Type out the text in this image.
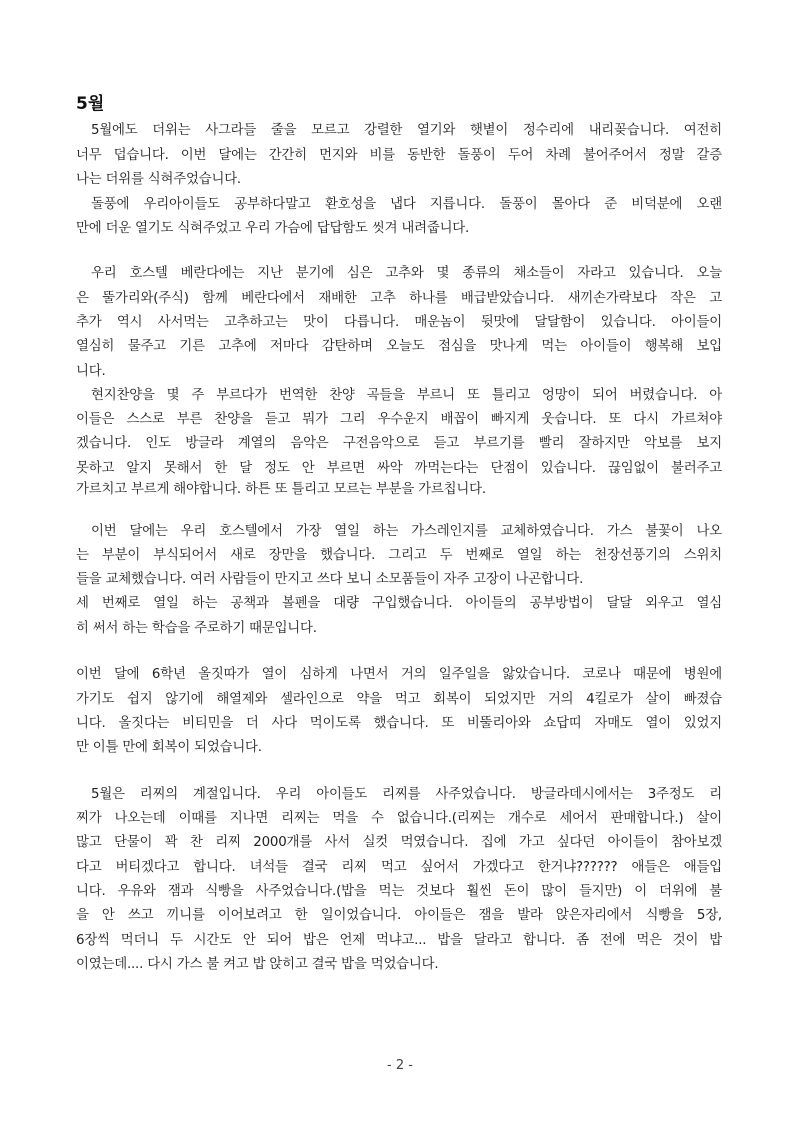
5월
5월에도 더위는 사그라들 줄을 모르고 강렬한 열기와 햇볕이 정수리에 내리꽂습니다. 여전히
너무 덥습니다. 이번 달에는 간간히 먼지와 비를 동반한 돌풍이 두어 차례 불어주어서 정말 갈증
나는 더위를 식혀주었습니다.
돌풍에 우리아이들도 공부하다말고 환호성을 냅다 지릅니다. 돌풍이 몰아다 준 비덕분에 오랜
만에 더운 열기도 식혀주었고 우리 가슴에 답답함도 씻겨 내려줍니다.
우리 호스텔 베란다에는 지난 분기에 심은 고추와 몇 종류의 채소들이 자라고 있습니다. 오늘
은 뚤가리와(주식) 함께 베란다에서 재배한 고추 하나를 배급받았습니다. 새끼손가락보다 작은 고
추가 역시 사서먹는 고추하고는 맛이 다릅니다. 매운놈이 뒷맛에 달달함이 있습니다. 아이들이
열심히 물주고 기른 고추에 저마다 감탄하며 오늘도 점심을 맛나게 먹는 아이들이 행복해 보입
니다.
현지찬양을 몇 주 부르다가 번역한 찬양 곡들을 부르니 또 틀리고 엉망이 되어 버렸습니다. 아
이들은 스스로 부른 찬양을 듣고 뭐가 그리 우수운지 배꼽이 빠지게 웃습니다. 또 다시 가르쳐야
겠습니다. 인도 방글라 계열의 음악은 구전음악으로 듣고 부르기를 빨리 잘하지만 악보를 보지
못하고 알지 못해서 한 달 정도 안 부르면 싸악 까먹는다는 단점이 있습니다. 끊임없이 불러주고
가르치고 부르게 해야합니다. 하튼 또 틀리고 모르는 부분을 가르칩니다.
이번 달에는 우리 호스텔에서 가장 열일 하는 가스레인지를 교체하였습니다. 가스 불꽃이 나오
는 부분이 부식되어서 새로 장만을 했습니다. 그리고 두 번째로 열일 하는 천장선풍기의 스위치
들을 교체했습니다. 여러 사람들이 만지고 쓰다 보니 소모품들이 자주 고장이 나곤합니다.
세 번째로 열일 하는 공책과 볼펜을 대량 구입했습니다. 아이들의 공부방법이 달달 외우고 열심
히 써서 하는 학습을 주로하기 때문입니다.
이번 달에 6학년 올짓따가 열이 심하게 나면서 거의 일주일을 앓았습니다. 코로나 때문에 병원에
가기도 쉽지 않기에 해열제와 셀라인으로 약을 먹고 회복이 되었지만 거의 4킬로가 살이 빠졌습
니다. 올짓다는 비티민을 더 사다 먹이도록 했습니다. 또 비뚤리아와 쇼답띠 자매도 열이 있었지
만 이틀 만에 회복이 되었습니다.
5월은 리찌의 계절입니다. 우리 아이들도 리찌를 사주었습니다. 방글라데시에서는 3주정도 리
찌가 나오는데 이때를 지나면 리찌는 먹을 수 없습니다.(리찌는 개수로 세어서 판매합니다.) 살이
많고 단물이 꽉 찬 리찌 2000개를 사서 실컷 먹였습니다. 집에 가고 싶다던 아이들이 참아보겠
다고 버티겠다고 합니다. 녀석들 결국 리찌 먹고 싶어서 가겠다고 한거냐?????? 애들은 애들입
니다. 우유와 잼과 식빵을 사주었습니다.(밥을 먹는 것보다 훨씬 돈이 많이 들지만) 이 더위에 불
을 안 쓰고 끼니를 이어보려고 한 일이었습니다. 아이들은 잼을 발라 앉은자리에서 식빵을 5장,
6장씩 먹더니 두 시간도 안 되어 밥은 언제 먹냐고... 밥을 달라고 합니다. 좀 전에 먹은 것이 밥
이였는데.... 다시 가스 불 켜고 밥 앉히고 결국 밥을 먹었습니다.
- 2 -
